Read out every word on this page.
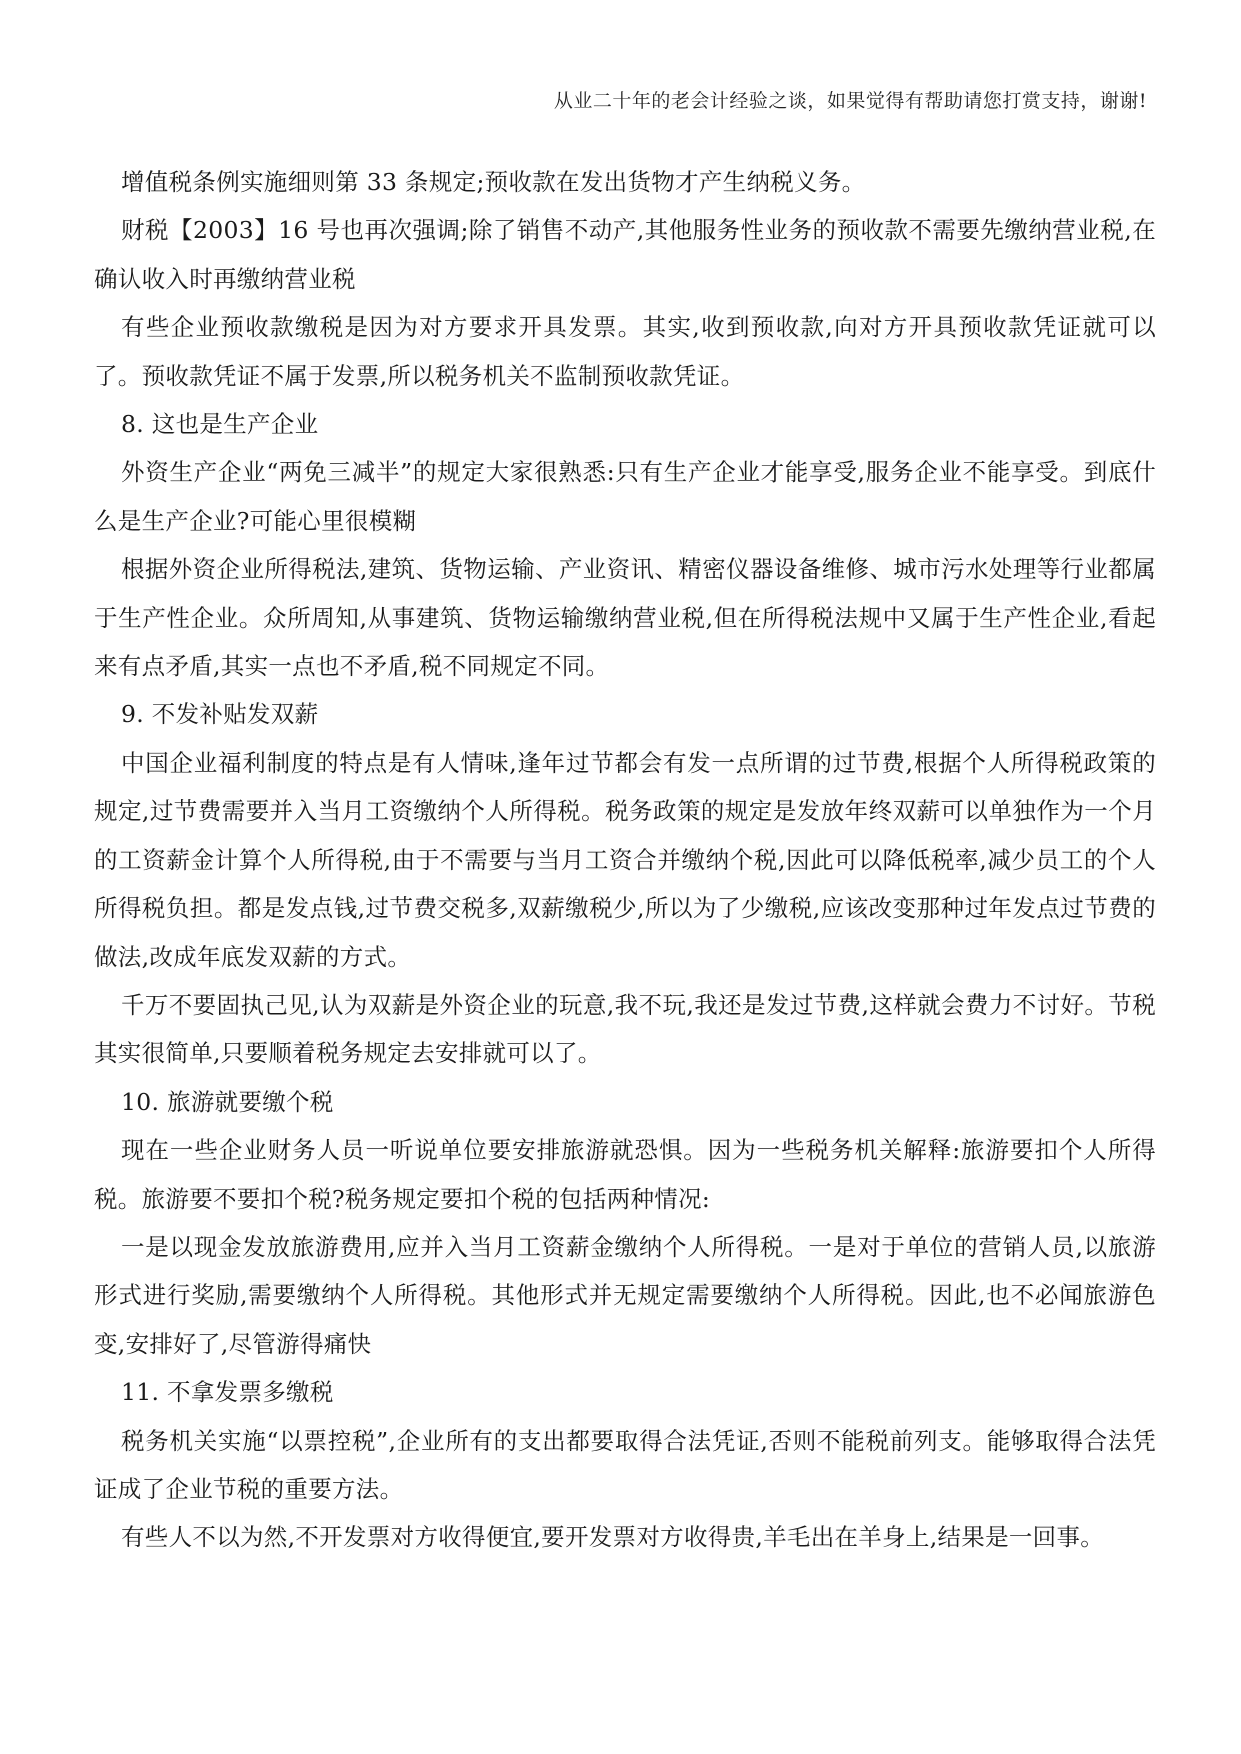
从业二十年的老会计经验之谈，如果觉得有帮助请您打赏支持，谢谢!

增值税条例实施细则第 33 条规定;预收款在发出货物才产生纳税义务。

财税【2003】16 号也再次强调;除了销售不动产,其他服务性业务的预收款不需要先缴纳营业税,在确认收入时再缴纳营业税

有些企业预收款缴税是因为对方要求开具发票。其实,收到预收款,向对方开具预收款凭证就可以了。预收款凭证不属于发票,所以税务机关不监制预收款凭证。

8. 这也是生产企业

外资生产企业“两免三减半”的规定大家很熟悉:只有生产企业才能享受,服务企业不能享受。到底什么是生产企业?可能心里很模糊

根据外资企业所得税法,建筑、货物运输、产业资讯、精密仪器设备维修、城市污水处理等行业都属于生产性企业。众所周知,从事建筑、货物运输缴纳营业税,但在所得税法规中又属于生产性企业,看起来有点矛盾,其实一点也不矛盾,税不同规定不同。

9. 不发补贴发双薪

中国企业福利制度的特点是有人情味,逢年过节都会有发一点所谓的过节费,根据个人所得税政策的规定,过节费需要并入当月工资缴纳个人所得税。税务政策的规定是发放年终双薪可以单独作为一个月的工资薪金计算个人所得税,由于不需要与当月工资合并缴纳个税,因此可以降低税率,减少员工的个人所得税负担。都是发点钱,过节费交税多,双薪缴税少,所以为了少缴税,应该改变那种过年发点过节费的做法,改成年底发双薪的方式。

千万不要固执己见,认为双薪是外资企业的玩意,我不玩,我还是发过节费,这样就会费力不讨好。节税其实很简单,只要顺着税务规定去安排就可以了。

10. 旅游就要缴个税

现在一些企业财务人员一听说单位要安排旅游就恐惧。因为一些税务机关解释:旅游要扣个人所得税。旅游要不要扣个税?税务规定要扣个税的包括两种情况:

一是以现金发放旅游费用,应并入当月工资薪金缴纳个人所得税。一是对于单位的营销人员,以旅游形式进行奖励,需要缴纳个人所得税。其他形式并无规定需要缴纳个人所得税。因此,也不必闻旅游色变,安排好了,尽管游得痛快

11. 不拿发票多缴税

税务机关实施“以票控税”,企业所有的支出都要取得合法凭证,否则不能税前列支。能够取得合法凭证成了企业节税的重要方法。

有些人不以为然,不开发票对方收得便宜,要开发票对方收得贵,羊毛出在羊身上,结果是一回事。
